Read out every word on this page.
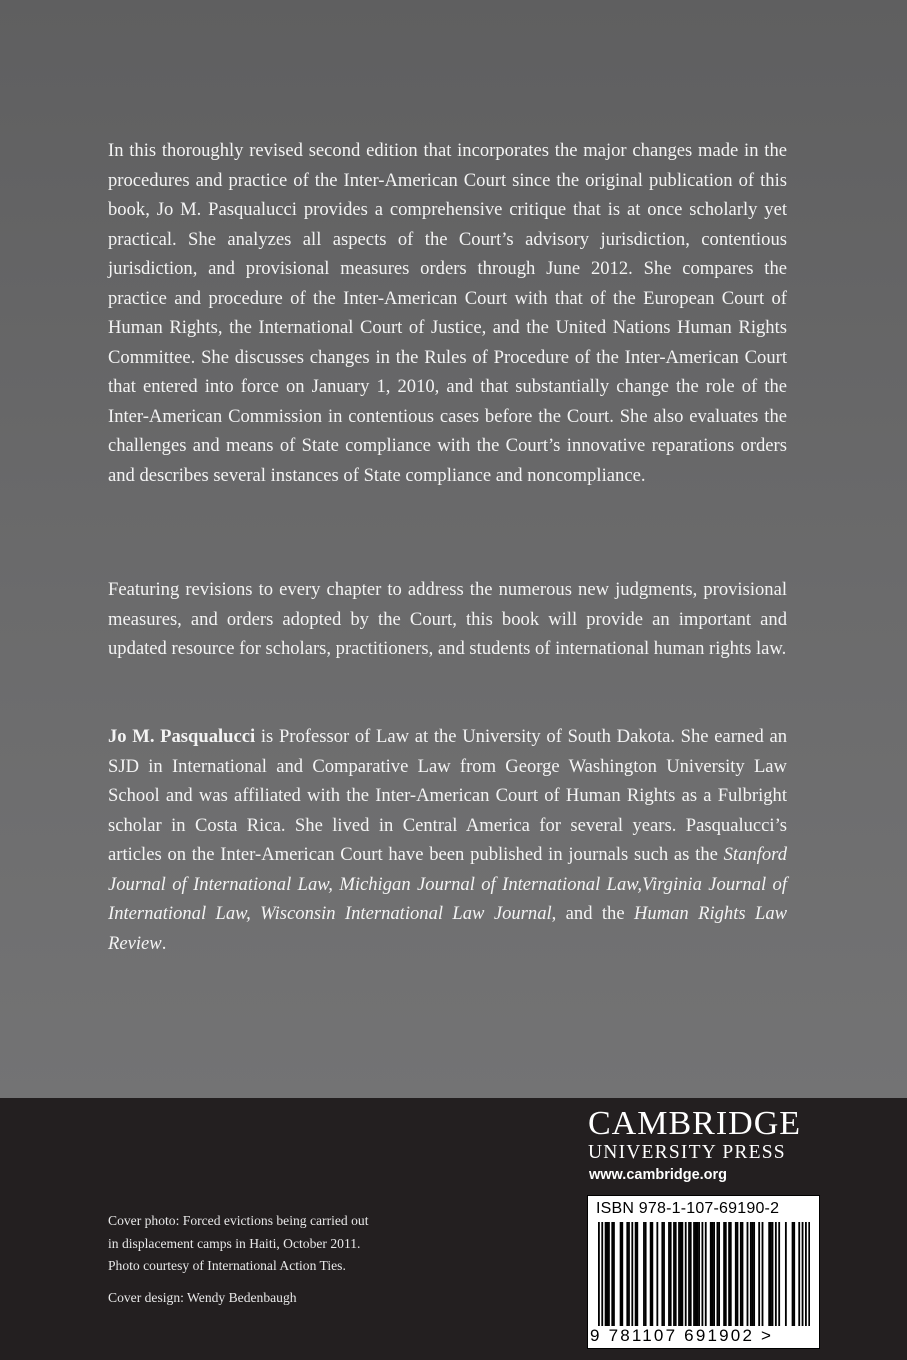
In this thoroughly revised second edition that incorporates the major changes made in the procedures and practice of the Inter-American Court since the original publication of this book, Jo M. Pasqualucci provides a comprehensive critique that is at once scholarly yet practical. She analyzes all aspects of the Court’s advisory jurisdiction, contentious jurisdiction, and provisional measures orders through June 2012. She compares the practice and procedure of the Inter-American Court with that of the European Court of Human Rights, the International Court of Justice, and the United Nations Human Rights Committee. She discusses changes in the Rules of Procedure of the Inter-American Court that entered into force on January 1, 2010, and that substantially change the role of the Inter-American Commission in contentious cases before the Court. She also evaluates the challenges and means of State compliance with the Court’s innovative reparations orders and describes several instances of State compliance and noncompliance.

Featuring revisions to every chapter to address the numerous new judgments, provisional measures, and orders adopted by the Court, this book will provide an important and updated resource for scholars, practitioners, and students of international human rights law.

Jo M. Pasqualucci is Professor of Law at the University of South Dakota. She earned an SJD in International and Comparative Law from George Washington University Law School and was affiliated with the Inter-American Court of Human Rights as a Fulbright scholar in Costa Rica. She lived in Central America for several years. Pasqualucci’s articles on the Inter-American Court have been published in journals such as the Stanford Journal of International Law, Michigan Journal of International Law,Virginia Journal of International Law, Wisconsin International Law Journal, and the Human Rights Law Review.

Cover photo: Forced evictions being carried out
in displacement camps in Haiti, October 2011.
Photo courtesy of International Action Ties.
Cover design: Wendy Bedenbaugh
CAMBRIDGE
UNIVERSITY PRESS
www.cambridge.org
ISBN 978-1-107-69190-2
9 781107 691902 >
